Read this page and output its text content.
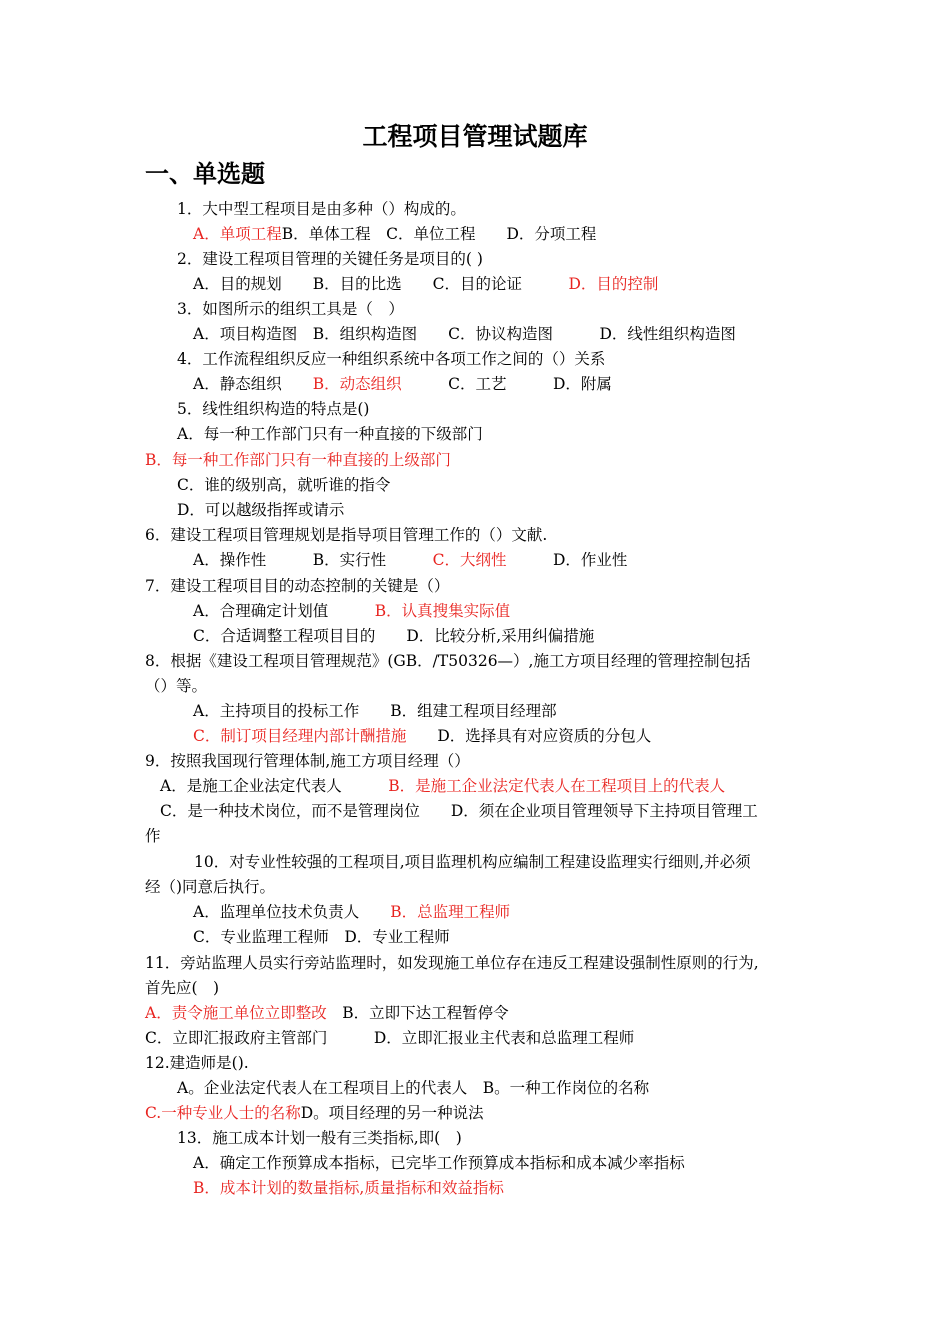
工程项目管理试题库
一、单选题
1．大中型工程项目是由多种（）构成的。
A．单项工程B．单体工程　C．单位工程　　D．分项工程
2．建设工程项目管理的关键任务是项目的( )
A．目的规划　　B．目的比选　　C．目的论证　　　D．目的控制
3．如图所示的组织工具是（　）
A．项目构造图　B．组织构造图　　C．协议构造图　　　D．线性组织构造图
4．工作流程组织反应一种组织系统中各项工作之间的（）关系
A．静态组织　　B．动态组织　　　C．工艺　　　D．附属
5．线性组织构造的特点是()
A．每一种工作部门只有一种直接的下级部门
B．每一种工作部门只有一种直接的上级部门
C．谁的级别高，就听谁的指令
D．可以越级指挥或请示
6．建设工程项目管理规划是指导项目管理工作的（）文献.
A．操作性　　　B．实行性　　　C．大纲性　　　D．作业性
7．建设工程项目目的动态控制的关键是（）
A．合理确定计划值　　　B．认真搜集实际值
C．合适调整工程项目目的　　D．比较分析,采用纠偏措施
8．根据《建设工程项目管理规范》(GB．/T50326—）,施工方项目经理的管理控制包括
（）等。
A．主持项目的投标工作　　B．组建工程项目经理部
C．制订项目经理内部计酬措施　　D．选择具有对应资质的分包人
9．按照我国现行管理体制,施工方项目经理（）
A．是施工企业法定代表人　　　B．是施工企业法定代表人在工程项目上的代表人
C．是一种技术岗位，而不是管理岗位　　D．须在企业项目管理领导下主持项目管理工
作
10．对专业性较强的工程项目,项目监理机构应编制工程建设监理实行细则,并必须
经（)同意后执行。
A．监理单位技术负责人　　B．总监理工程师
C．专业监理工程师　D．专业工程师
11．旁站监理人员实行旁站监理时，如发现施工单位存在违反工程建设强制性原则的行为,
首先应(　)
A．责令施工单位立即整改　B．立即下达工程暂停令
C．立即汇报政府主管部门　　　D．立即汇报业主代表和总监理工程师
12.建造师是().
A。企业法定代表人在工程项目上的代表人　B。一种工作岗位的名称
C.一种专业人士的名称D。项目经理的另一种说法
13．施工成本计划一般有三类指标,即(　)
A．确定工作预算成本指标，已完毕工作预算成本指标和成本减少率指标
B．成本计划的数量指标,质量指标和效益指标
